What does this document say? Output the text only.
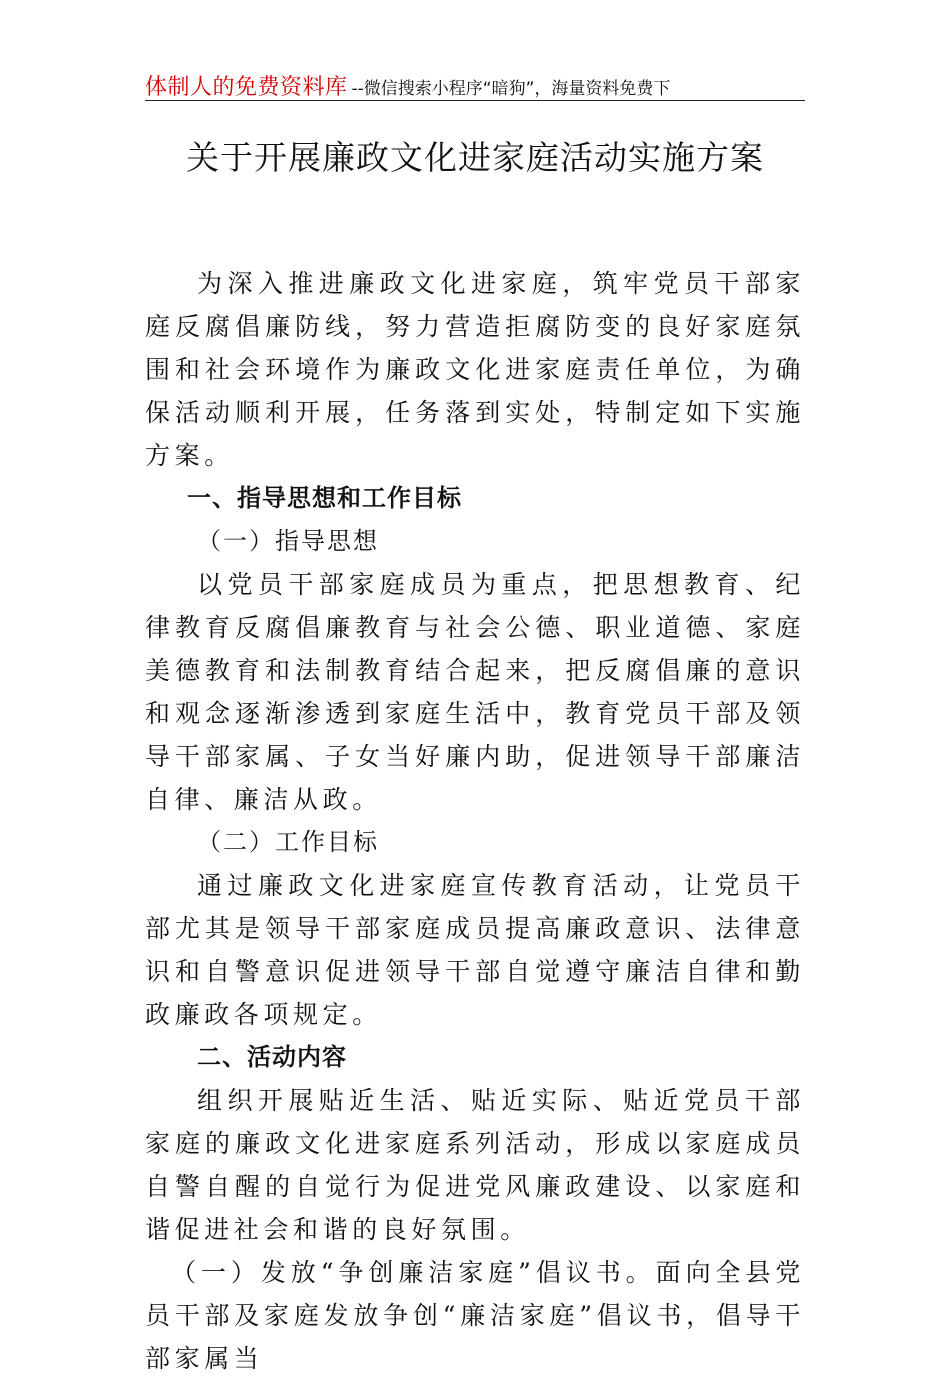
体制人的免费资料库 --微信搜索小程序“暗狗”，海量资料免费下
关于开展廉政文化进家庭活动实施方案

为深入推进廉政文化进家庭，筑牢党员干部家庭反腐倡廉防线，努力营造拒腐防变的良好家庭氛围和社会环境作为廉政文化进家庭责任单位，为确保活动顺利开展，任务落到实处，特制定如下实施方案。

一、指导思想和工作目标

（一）指导思想

以党员干部家庭成员为重点，把思想教育、纪律教育反腐倡廉教育与社会公德、职业道德、家庭美德教育和法制教育结合起来，把反腐倡廉的意识和观念逐渐渗透到家庭生活中，教育党员干部及领导干部家属、子女当好廉内助，促进领导干部廉洁自律、廉洁从政。

（二）工作目标

通过廉政文化进家庭宣传教育活动，让党员干部尤其是领导干部家庭成员提高廉政意识、法律意识和自警意识促进领导干部自觉遵守廉洁自律和勤政廉政各项规定。

二、活动内容

组织开展贴近生活、贴近实际、贴近党员干部家庭的廉政文化进家庭系列活动，形成以家庭成员自警自醒的自觉行为促进党风廉政建设、以家庭和谐促进社会和谐的良好氛围。

（一）发放“争创廉洁家庭”倡议书。面向全县党员干部及家庭发放争创“廉洁家庭”倡议书，倡导干部家属当
